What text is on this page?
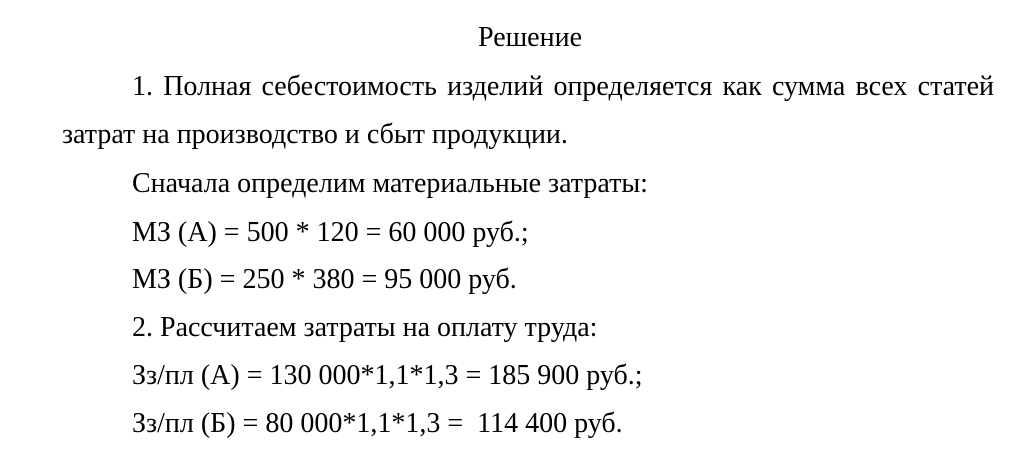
Решение
1. Полная себестоимость изделий определяется как сумма всех статей
затрат на производство и сбыт продукции.
Сначала определим материальные затраты:
МЗ (А) = 500 * 120 = 60 000 руб.;
МЗ (Б) = 250 * 380 = 95 000 руб.
2. Рассчитаем затраты на оплату труда:
Зз/пл (А) = 130 000*1,1*1,3 = 185 900 руб.;
Зз/пл (Б) = 80 000*1,1*1,3 =  114 400 руб.
